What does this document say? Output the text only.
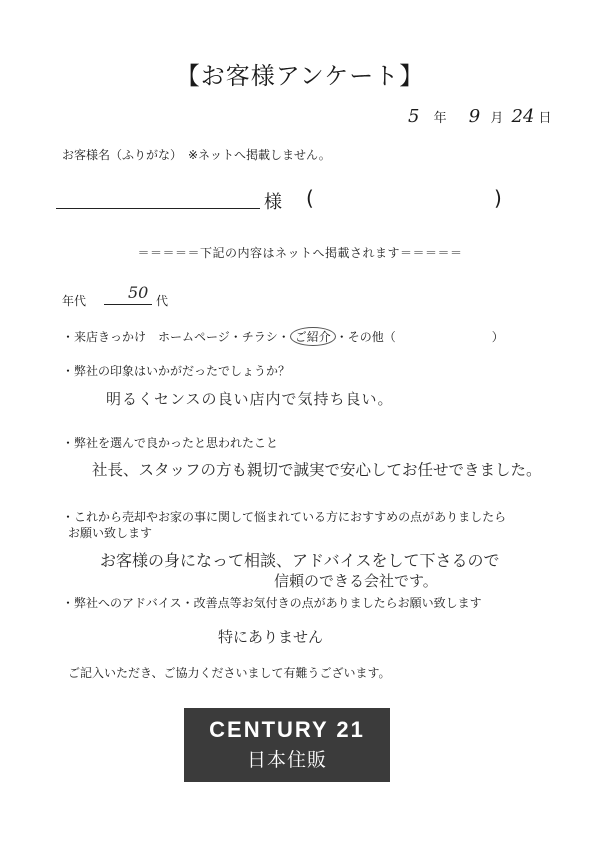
【お客様アンケート】
5 年 9 月 24 日
お客様名（ふりがな）　※ネットへ掲載しません。
様 (	)
＝＝＝＝＝下記の内容はネットへ掲載されます＝＝＝＝＝
年代	50 代
・来店きっかけ　ホームページ・チラシ・ ご紹介 ・その他（　　　　　　　　）
・弊社の印象はいかがだったでしょうか？
明るくセンスの良い店内で気持ち良い。
・弊社を選んで良かったと思われたこと
社長、スタッフの方も親切で誠実で安心してお任せできました。
・これから売却やお家の事に関して悩まれている方におすすめの点がありましたら
お願い致します
お客様の身になって相談、アドバイスをして下さるので
信頼のできる会社です。
・弊社へのアドバイス・改善点等お気付きの点がありましたらお願い致します
特にありません
ご記入いただき、ご協力くださいまして有難うございます。
CENTURY 21
日本住販
